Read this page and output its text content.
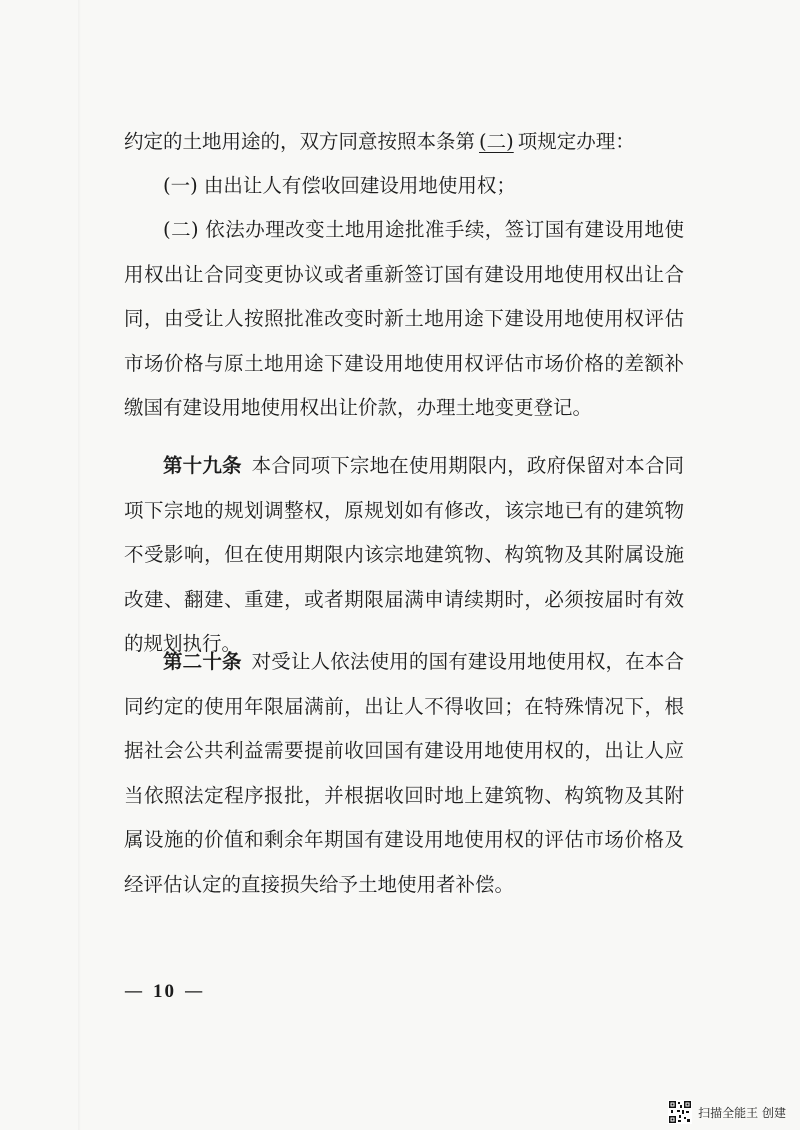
约定的土地用途的，双方同意按照本条第 (二) 项规定办理：

(一) 由出让人有偿收回建设用地使用权；

(二) 依法办理改变土地用途批准手续，签订国有建设用地使用权出让合同变更协议或者重新签订国有建设用地使用权出让合同，由受让人按照批准改变时新土地用途下建设用地使用权评估市场价格与原土地用途下建设用地使用权评估市场价格的差额补缴国有建设用地使用权出让价款，办理土地变更登记。

第十九条 本合同项下宗地在使用期限内，政府保留对本合同项下宗地的规划调整权，原规划如有修改，该宗地已有的建筑物不受影响，但在使用期限内该宗地建筑物、构筑物及其附属设施改建、翻建、重建，或者期限届满申请续期时，必须按届时有效的规划执行。

第二十条 对受让人依法使用的国有建设用地使用权，在本合同约定的使用年限届满前，出让人不得收回；在特殊情况下，根据社会公共利益需要提前收回国有建设用地使用权的，出让人应当依照法定程序报批，并根据收回时地上建筑物、构筑物及其附属设施的价值和剩余年期国有建设用地使用权的评估市场价格及经评估认定的直接损失给予土地使用者补偿。

— 10 —
扫描全能王 创建
